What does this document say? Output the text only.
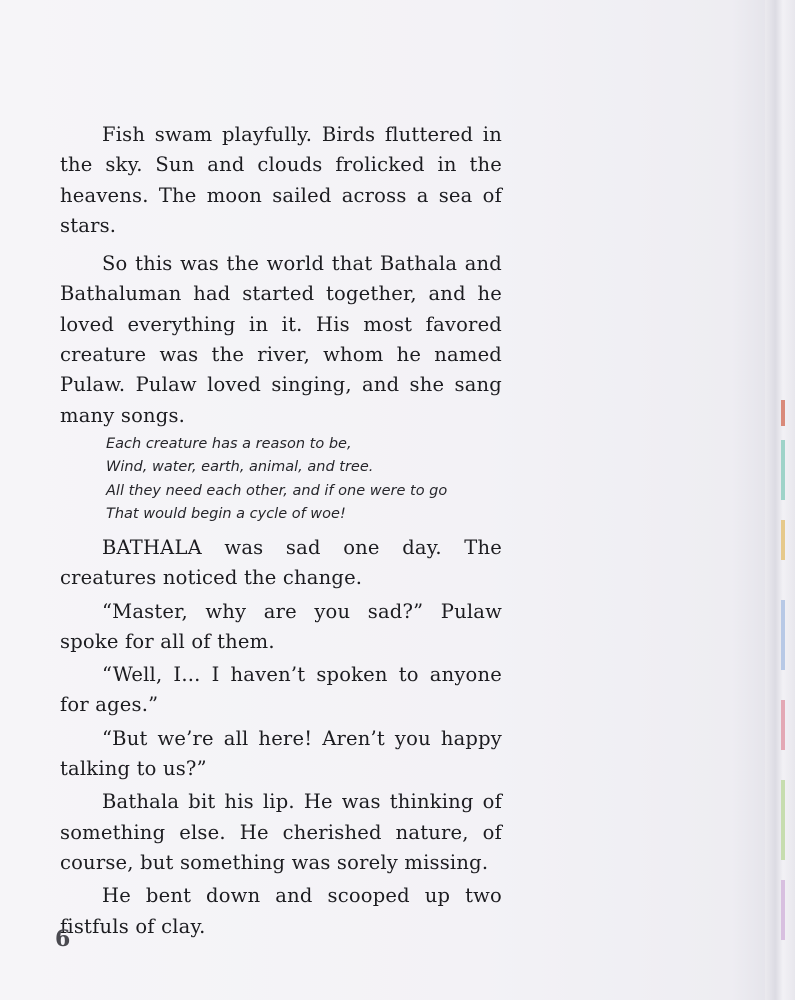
Fish swam playfully. Birds fluttered in the sky. Sun and clouds frolicked in the heavens. The moon sailed across a sea of stars.

So this was the world that Bathala and Bathaluman had started together, and he loved everything in it. His most favored creature was the river, whom he named Pulaw. Pulaw loved singing, and she sang many songs.

Each creature has a reason to be,
Wind, water, earth, animal, and tree.
All they need each other, and if one were to go
That would begin a cycle of woe!

BATHALA was sad one day. The creatures noticed the change.

“Master, why are you sad?” Pulaw spoke for all of them.

“Well, I... I haven’t spoken to anyone for ages.”

“But we’re all here! Aren’t you happy talking to us?”

Bathala bit his lip. He was thinking of something else. He cherished nature, of course, but something was sorely missing.

He bent down and scooped up two fistfuls of clay.

6
